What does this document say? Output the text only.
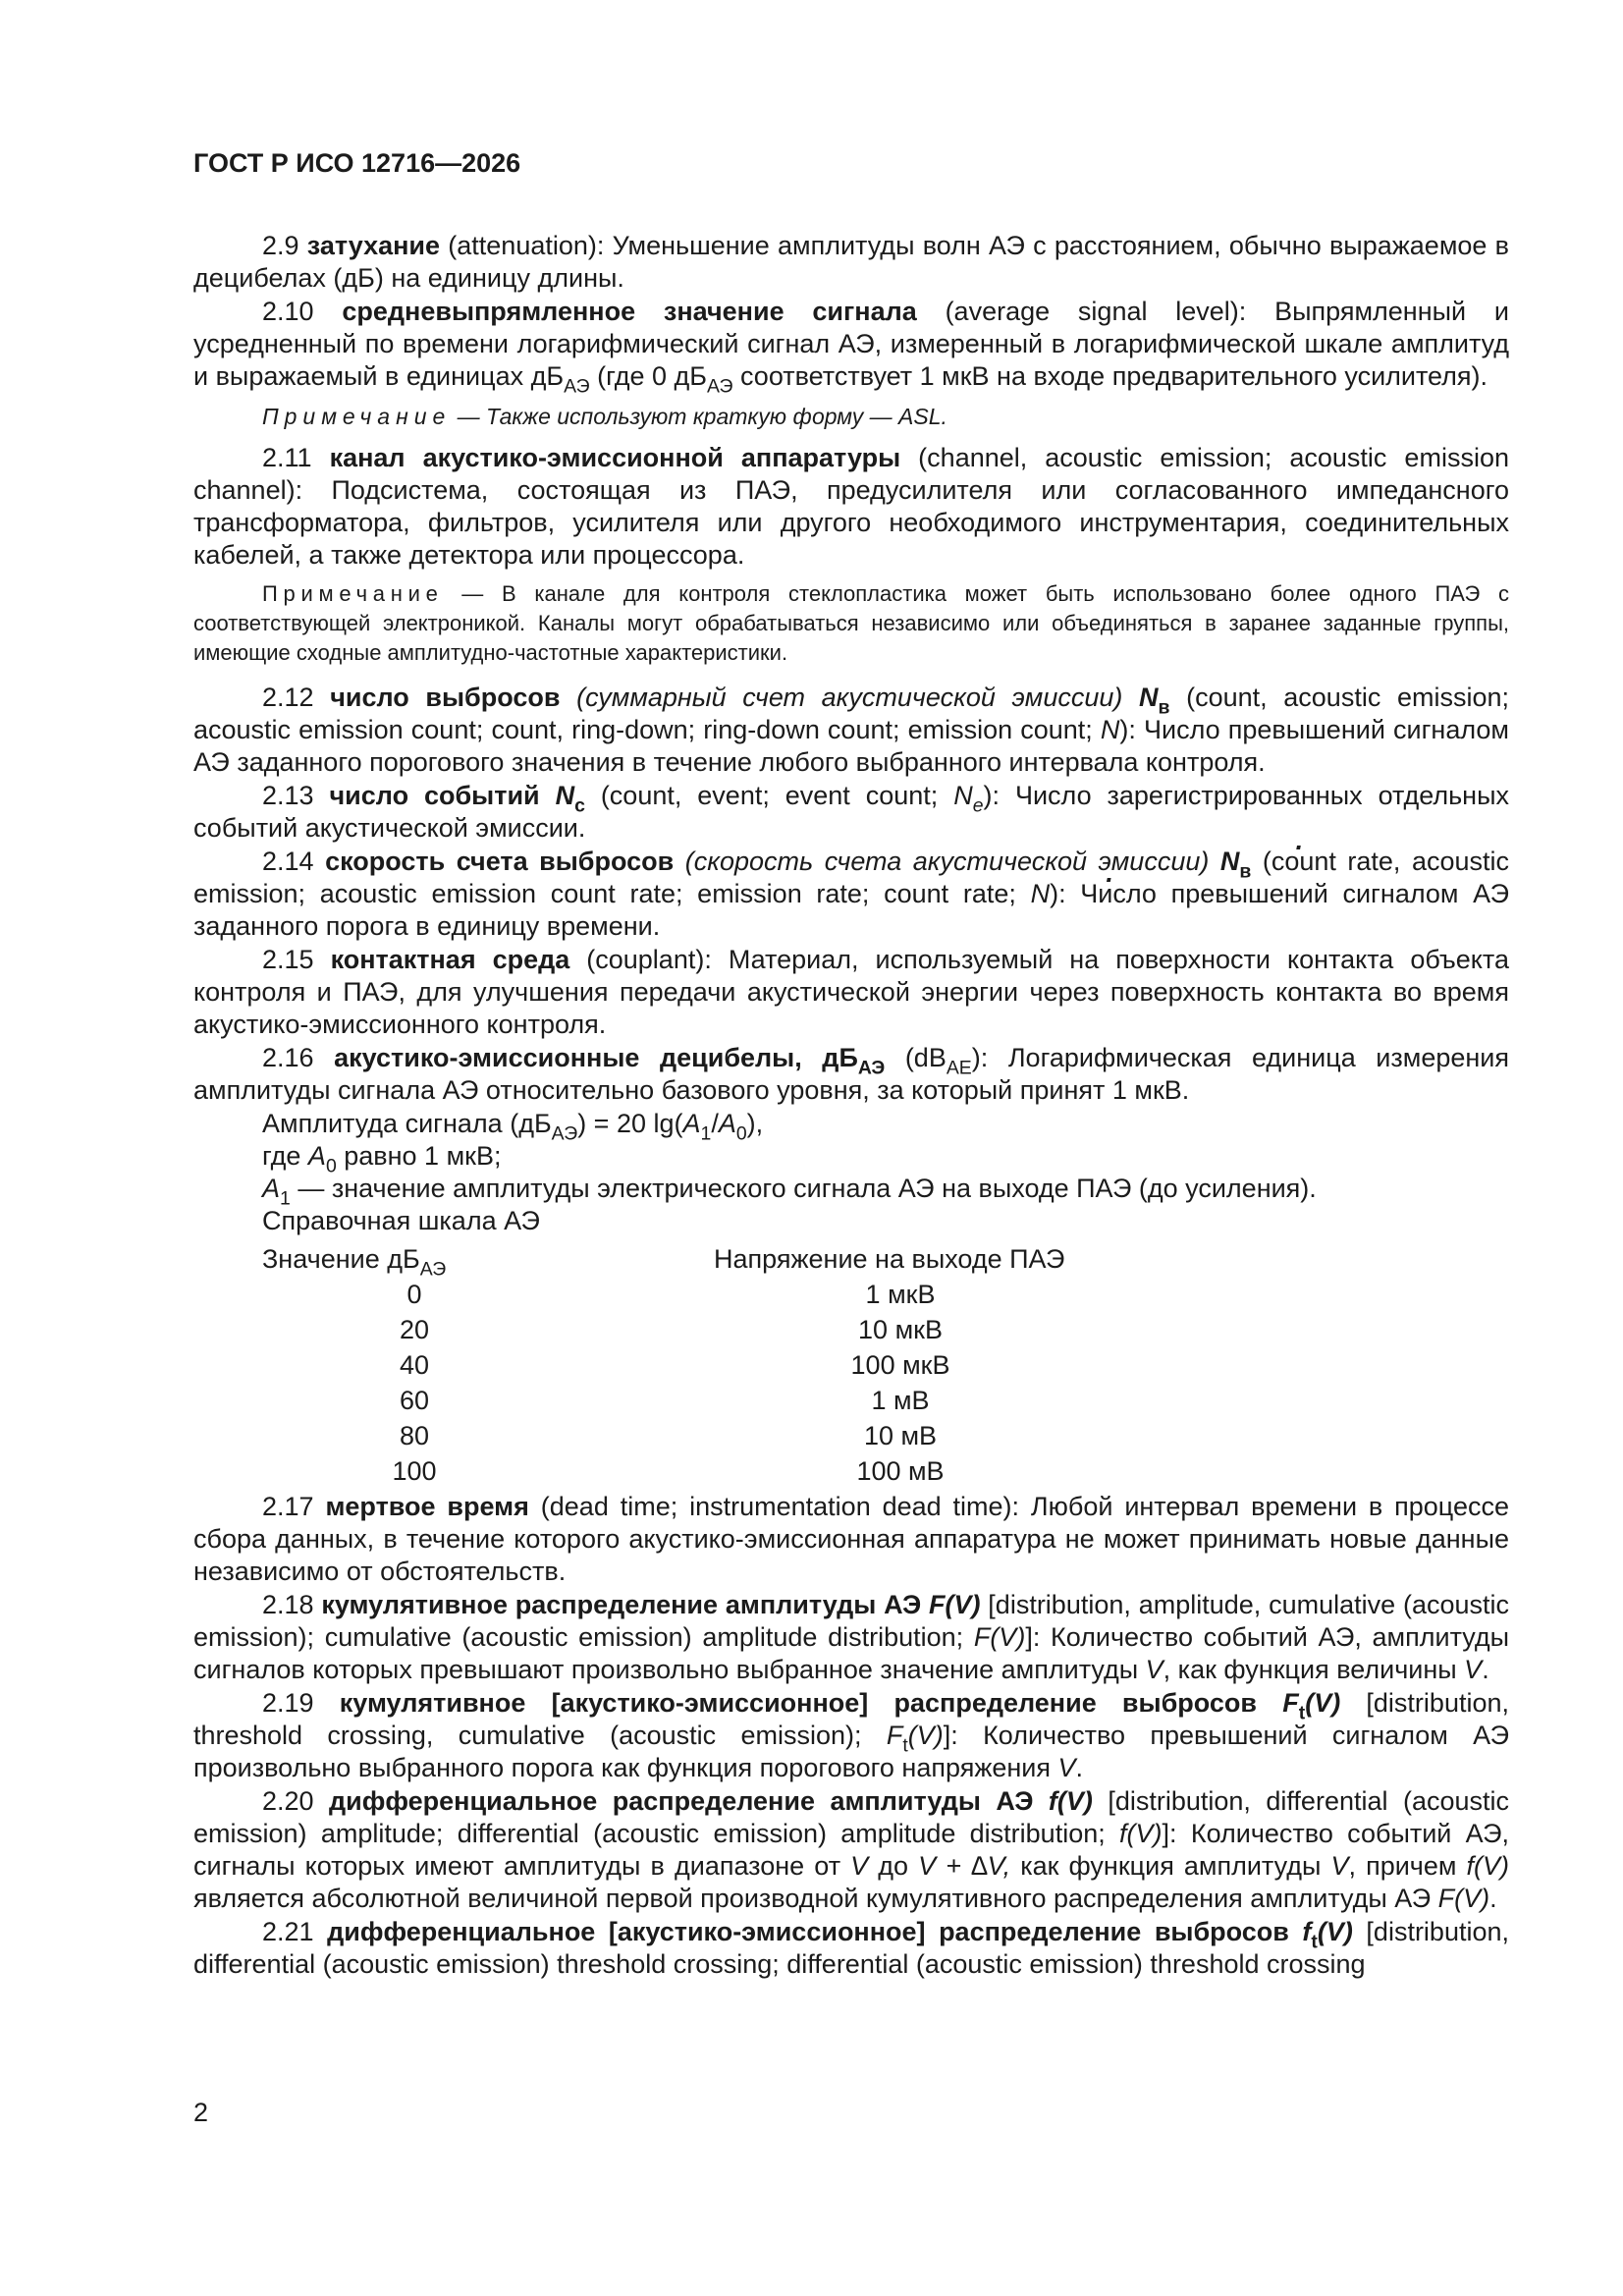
ГОСТ Р ИСО 12716—2026

2.9 затухание (attenuation): Уменьшение амплитуды волн АЭ с расстоянием, обычно выражаемое в децибелах (дБ) на единицу длины.

2.10 средневыпрямленное значение сигнала (average signal level): Выпрямленный и усредненный по времени логарифмический сигнал АЭ, измеренный в логарифмической шкале амплитуд и выражаемый в единицах $дБ_{АЭ}$ (где 0 $дБ_{АЭ}$ соответствует 1 мкВ на входе предварительного усилителя).

Примечание — Также используют краткую форму — ASL.

2.11 канал акустико-эмиссионной аппаратуры (channel, acoustic emission; acoustic emission channel): Подсистема, состоящая из ПАЭ, предусилителя или согласованного импедансного трансформатора, фильтров, усилителя или другого необходимого инструментария, соединительных кабелей, а также детектора или процессора.

Примечание — В канале для контроля стеклопластика может быть использовано более одного ПАЭ с соответствующей электроникой. Каналы могут обрабатываться независимо или объединяться в заранее заданные группы, имеющие сходные амплитудно-частотные характеристики.

2.12 число выбросов (суммарный счет акустической эмиссии) $N_в$ (count, acoustic emission; acoustic emission count; count, ring-down; ring-down count; emission count; N): Число превышений сигналом АЭ заданного порогового значения в течение любого выбранного интервала контроля.

2.13 число событий $N_c$ (count, event; event count; $N_e$): Число зарегистрированных отдельных событий акустической эмиссии.

2.14 скорость счета выбросов (скорость счета акустической эмиссии) · $N_в$ (count rate, acoustic emission; acoustic emission count rate; emission rate; count rate; · N): Число превышений сигналом АЭ заданного порога в единицу времени.

2.15 контактная среда (couplant): Материал, используемый на поверхности контакта объекта контроля и ПАЭ, для улучшения передачи акустической энергии через поверхность контакта во время акустико-эмиссионного контроля.

2.16 акустико-эмиссионные децибелы, $дБ_{АЭ}$ $(dB_{AE})$: Логарифмическая единица измерения амплитуды сигнала АЭ относительно базового уровня, за который принят 1 мкВ.

Амплитуда сигнала $(дБ_{АЭ}) = 20$ $\lg(A_1/A_0)$,

где $A_0$ равно 1 мкВ;

$A_1$ — значение амплитуды электрического сигнала АЭ на выходе ПАЭ (до усиления).

Справочная шкала АЭ

Значение $дБ_{АЭ}$	Напряжение на выходе ПАЭ
0	1 мкВ
20	10 мкВ
40	100 мкВ
60	1 мВ
80	10 мВ
100	100 мВ

2.17 мертвое время (dead time; instrumentation dead time): Любой интервал времени в процессе сбора данных, в течение которого акустико-эмиссионная аппаратура не может принимать новые данные независимо от обстоятельств.

2.18 кумулятивное распределение амплитуды АЭ F(V) [distribution, amplitude, cumulative (acoustic emission); cumulative (acoustic emission) amplitude distribution; F(V)]: Количество событий АЭ, амплитуды сигналов которых превышают произвольно выбранное значение амплитуды V, как функция величины V.

2.19 кумулятивное [акустико-эмиссионное] распределение выбросов $F_t(V)$ [distribution, threshold crossing, cumulative (acoustic emission); $F_t(V)$]: Количество превышений сигналом АЭ произвольно выбранного порога как функция порогового напряжения V.

2.20 дифференциальное распределение амплитуды АЭ f(V) [distribution, differential (acoustic emission) amplitude; differential (acoustic emission) amplitude distribution; f(V)]: Количество событий АЭ, сигналы которых имеют амплитуды в диапазоне от V до V + ∆V, как функция амплитуды V, причем f(V) является абсолютной величиной первой производной кумулятивного распределения амплитуды АЭ F(V).

2.21 дифференциальное [акустико-эмиссионное] распределение выбросов $f_t(V)$ [distribution, differential (acoustic emission) threshold crossing; differential (acoustic emission) threshold crossing

2
